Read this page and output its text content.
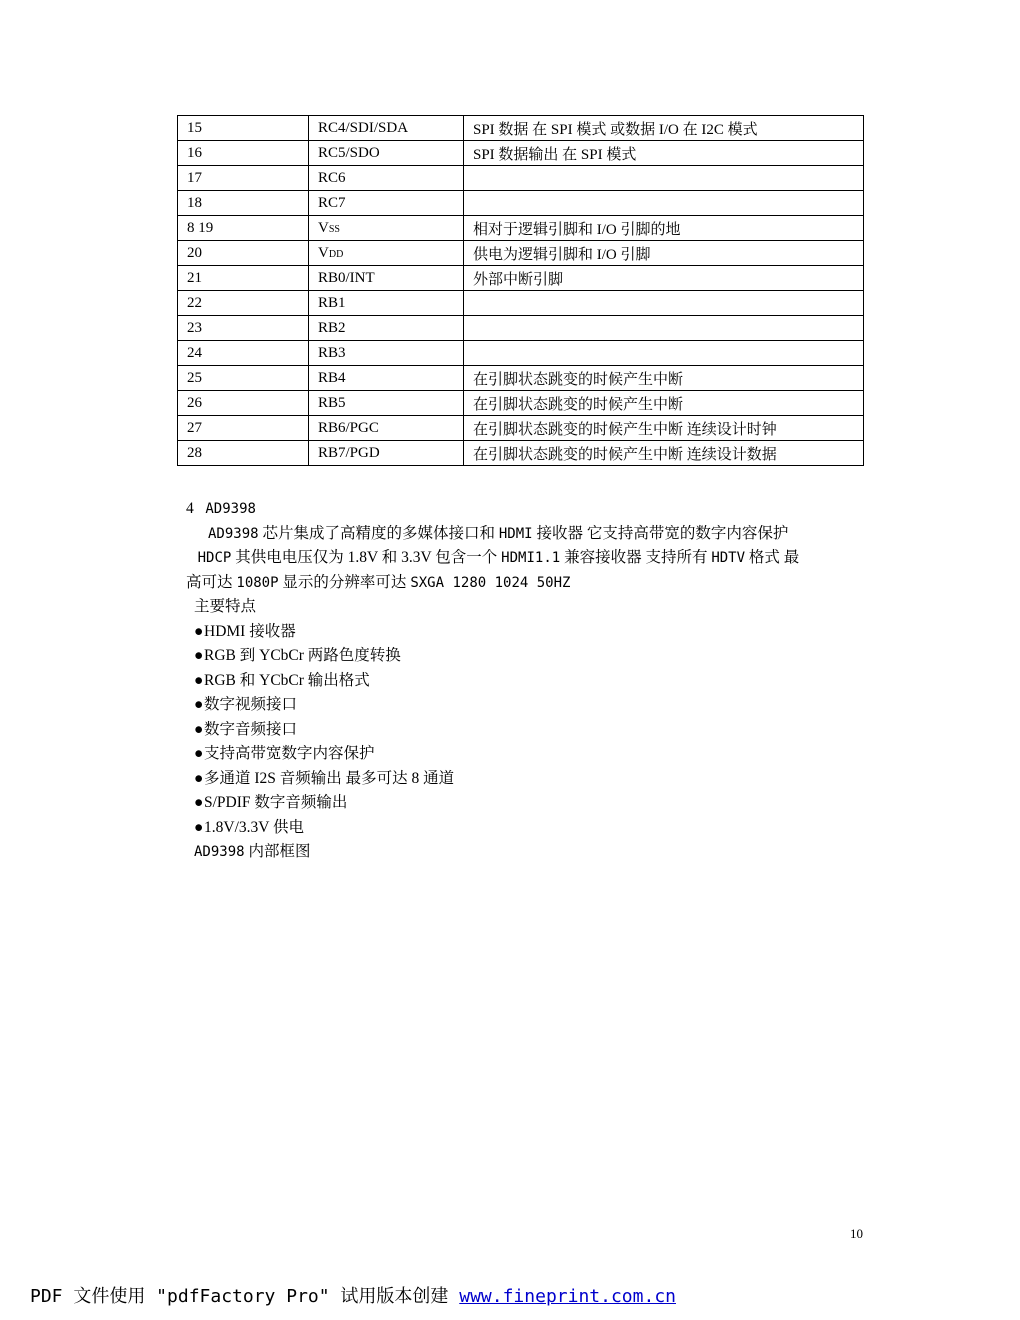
15	RC4/SDI/SDA	SPI 数据 在 SPI 模式 或数据 I/O 在 I2C 模式
16	RC5/SDO	SPI 数据输出 在 SPI 模式
17	RC6	
18	RC7	
8 19	VSS	相对于逻辑引脚和 I/O 引脚的地
20	VDD	供电为逻辑引脚和 I/O 引脚
21	RB0/INT	外部中断引脚
22	RB1	
23	RB2	
24	RB3	
25	RB4	在引脚状态跳变的时候产生中断
26	RB5	在引脚状态跳变的时候产生中断
27	RB6/PGC	在引脚状态跳变的时候产生中断 连续设计时钟
28	RB7/PGD	在引脚状态跳变的时候产生中断 连续设计数据

4 AD9398

AD9398 芯片集成了高精度的多媒体接口和 HDMI 接收器 它支持高带宽的数字内容保护

HDCP 其供电电压仅为 1.8V 和 3.3V 包含一个 HDMI1.1 兼容接收器 支持所有 HDTV 格式 最

高可达 1080P 显示的分辨率可达 SXGA 1280 1024 50HZ

主要特点

●HDMI 接收器
●RGB 到 YCbCr 两路色度转换
●RGB 和 YCbCr 输出格式
●数字视频接口
●数字音频接口
●支持高带宽数字内容保护
●多通道 I2S 音频输出 最多可达 8 通道
●S/PDIF 数字音频输出
●1.8V/3.3V 供电

AD9398 内部框图

10
PDF 文件使用 "pdfFactory Pro" 试用版本创建 www.fineprint.com.cn
